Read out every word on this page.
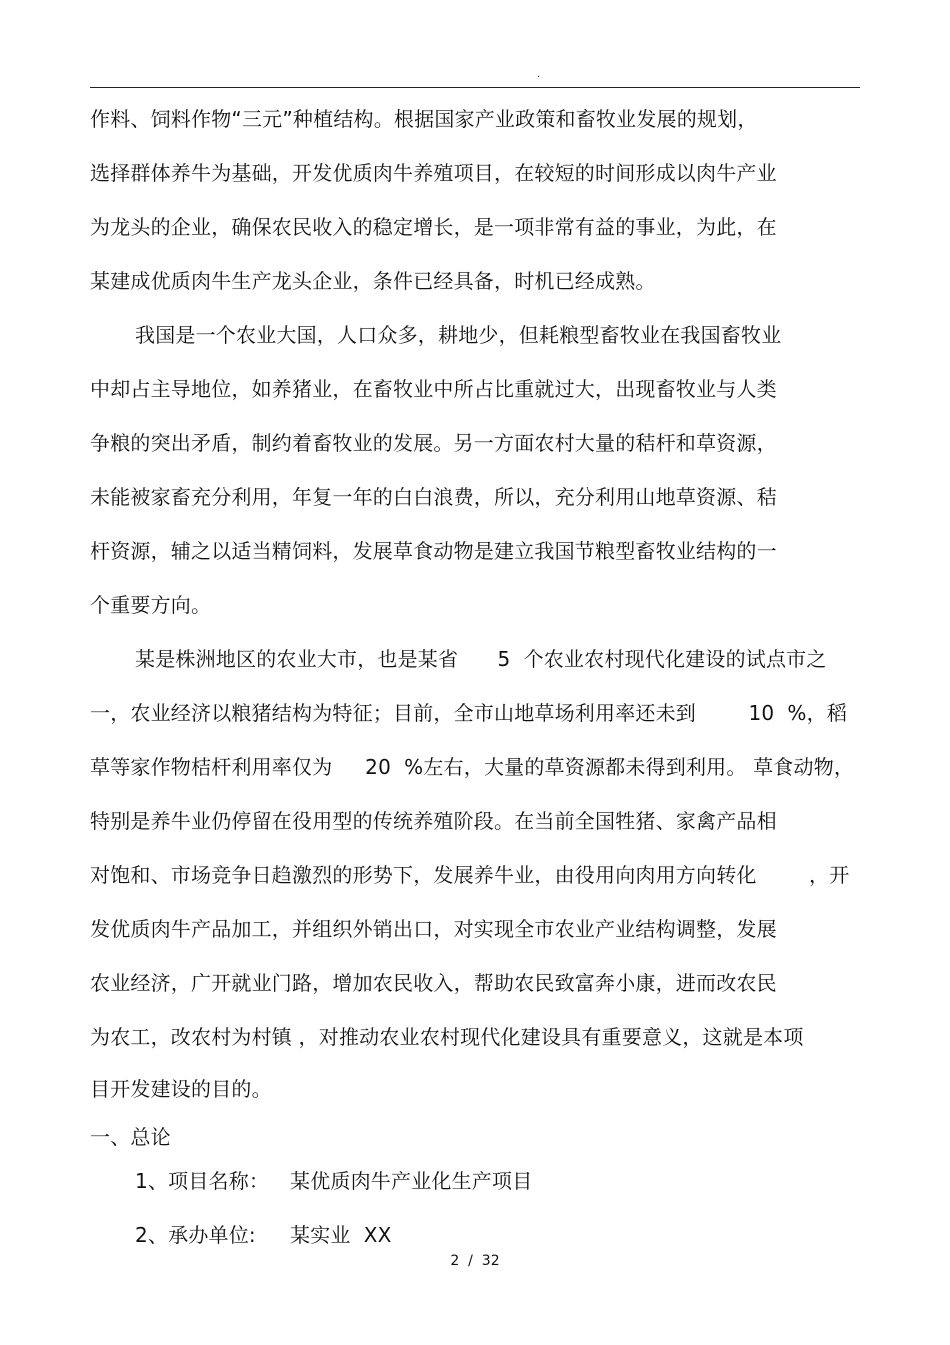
.
作料、饲料作物“三元”种植结构。根据国家产业政策和畜牧业发展的规划，
选择群体养牛为基础，开发优质肉牛养殖项目，在较短的时间形成以肉牛产业
为龙头的企业，确保农民收入的稳定增长，是一项非常有益的事业，为此，在
某建成优质肉牛生产龙头企业，条件已经具备，时机已经成熟。
我国是一个农业大国，人口众多，耕地少，但耗粮型畜牧业在我国畜牧业
中却占主导地位，如养猪业，在畜牧业中所占比重就过大，出现畜牧业与人类
争粮的突出矛盾，制约着畜牧业的发展。另一方面农村大量的秸杆和草资源，
未能被家畜充分利用，年复一年的白白浪费，所以，充分利用山地草资源、秸
杆资源，辅之以适当精饲料，发展草食动物是建立我国节粮型畜牧业结构的一
个重要方向。
某是株洲地区的农业大市，也是某省      5  个农业农村现代化建设的试点市之
一，农业经济以粮猪结构为特征；目前，全市山地草场利用率还未到        10  %，稻
草等家作物桔杆利用率仅为     20  %左右，大量的草资源都未得到利用。 草食动物，
特别是养牛业仍停留在役用型的传统养殖阶段。在当前全国牲猪、家禽产品相
对饱和、市场竞争日趋激烈的形势下，发展养牛业，由役用向肉用方向转化        ，开
发优质肉牛产品加工，并组织外销出口，对实现全市农业产业结构调整，发展
农业经济，广开就业门路，增加农民收入，帮助农民致富奔小康，进而改农民
为农工，改农村为村镇 ，对推动农业农村现代化建设具有重要意义，这就是本项
目开发建设的目的。
一、总论
1、项目名称： 某优质肉牛产业化生产项目
2、承办单位: 某实业  XX
2  /  32
